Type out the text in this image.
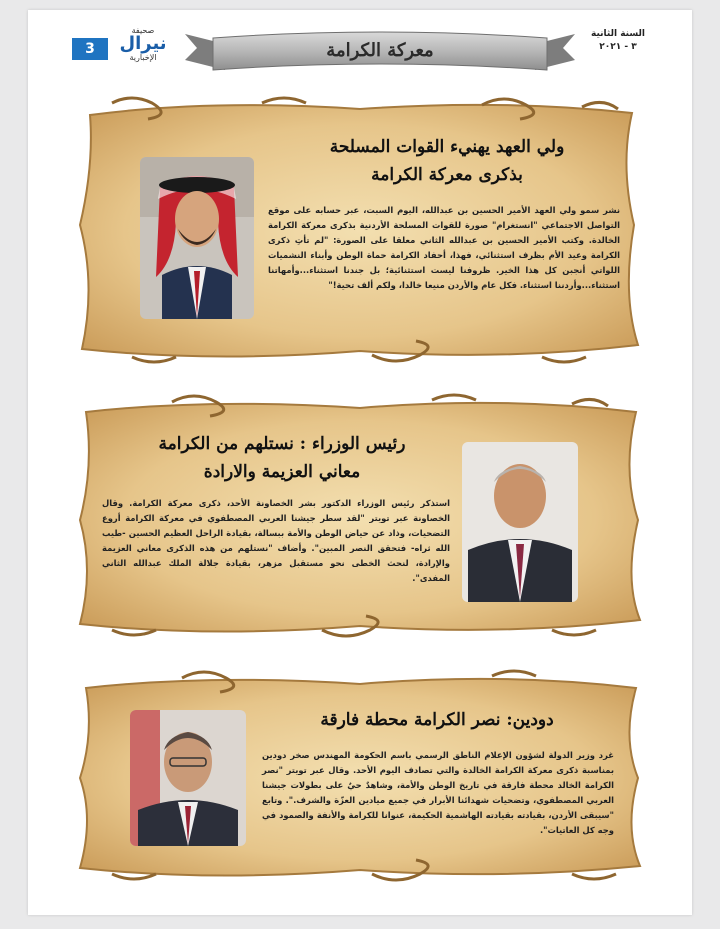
3
صحيفة
نيرال
الإخبارية
السنة الثانية
٣ - ٢٠٢١
معركة الكرامة
ولي العهد يهنيء القوات المسلحة
بذكرى معركة الكرامة
نشر سمو ولي العهد الأمير الحسين بن عبدالله، اليوم السبت، عبر حسابه على موقع التواصل الاجتماعي "انستغرام" صورة للقوات المسلحة الأردنية بذكرى معركة الكرامة الخالدة. وكتب الأمير الحسين بن عبدالله الثاني معلقا على الصورة: "لم تأتِ ذكرى الكرامة وعيد الأم بظرف استثنائي، فهذا، أحفاد الكرامة حماة الوطن وأبناء النشميات اللواتي أنجبن كل هذا الخير. ظروفنا ليست استثنائية؛ بل جندنا استثناء...وأمهاتنا استثناء...وأردننا استثناء. فكل عام والأردن منيعا خالدا، ولكم ألف تحية!"
رئيس الوزراء : نستلهم من الكرامة
معاني العزيمة والارادة
استذكر رئيس الوزراء الدكتور بشر الخصاونة الأحد، ذكرى معركة الكرامة. وقال الخصاونة عبر تويتر "لقد سطر جيشنا العربي المصطفوي في معركة الكرامة أروع التضحيات، وذاد عن حياض الوطن والأمة ببسالة، بقيادة الراحل العظيم الحسين -طيب الله ثراه- فتحقق النصر المبين". وأضاف "نستلهم من هذه الذكرى معاني العزيمة والإرادة، لنحث الخطى نحو مستقبل مزهر، بقيادة جلالة الملك عبدالله الثاني المفدى".
دودين: نصر الكرامة محطة فارقة
غرد وزير الدولة لشؤون الإعلام الناطق الرسمي باسم الحكومة المهندس صخر دودين بمناسبة ذكرى معركة الكرامة الخالدة والتي تصادف اليوم الأحد. وقال عبر تويتر "نصر الكرامة الخالد محطة فارقة في تاريخ الوطن والأمة، وشاهدٌ حيٌ على بطولات جيشنا العربي المصطفوي، وتضحيات شهدائنا الأبرار في جميع ميادين العزّة والشرف.". وتابع "سيبقى الأردن، بقيادته بقيادته الهاشمية الحكيمة، عنوانا للكرامة والأنفة والصمود في وجه كل العاتيات".
